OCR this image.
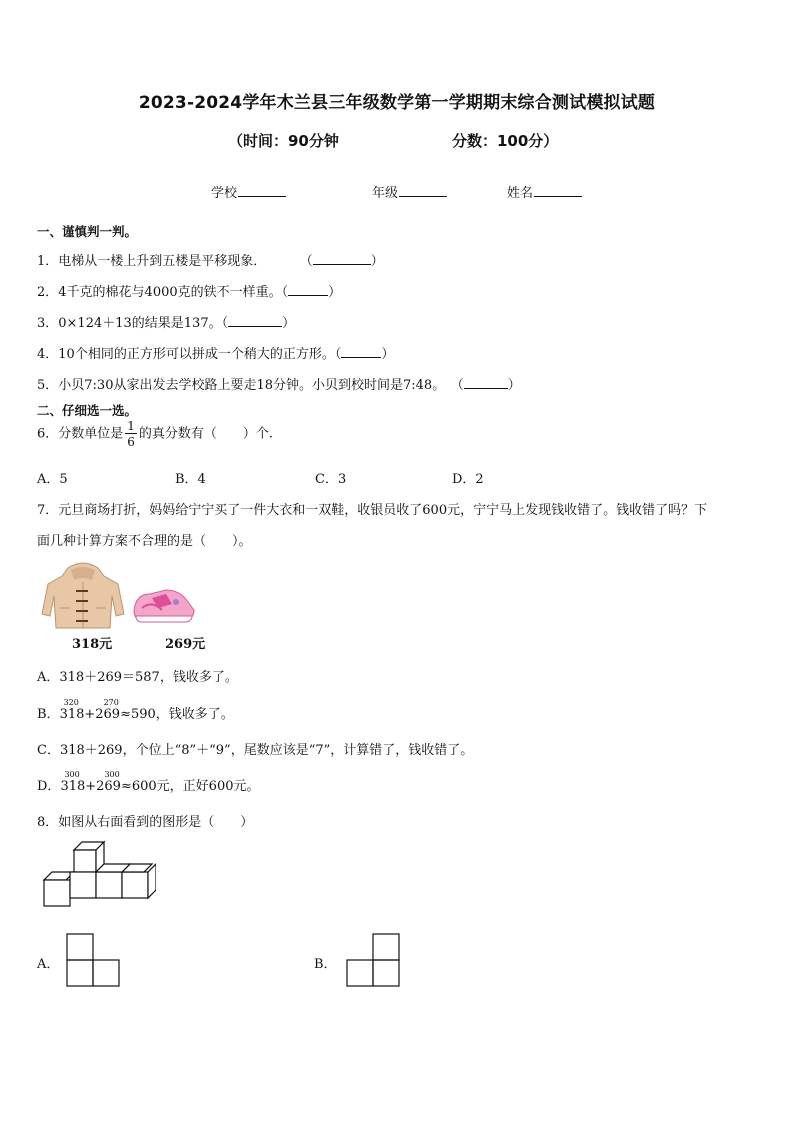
2023-2024学年木兰县三年级数学第一学期期末综合测试模拟试题
（时间：90分钟	分数：100分）
学校	年级	姓名
一、谨慎判一判。
1．电梯从一楼上升到五楼是平移现象．	（	）
2．4千克的棉花与4000克的铁不一样重。（	）
3．0×124＋13的结果是137。（	）
4．10个相同的正方形可以拼成一个稍大的正方形。（	）
5．小贝7:30从家出发去学校路上要走18分钟。小贝到校时间是7:48。 （	）
二、仔细选一选。
6．分数单位是 $\frac{1}{6}$ 的真分数有（　　）个.
A．5	B．4	C．3	D．2
7．元旦商场打折，妈妈给宁宁买了一件大衣和一双鞋，收银员收了600元，宁宁马上发现钱收错了。钱收错了吗？下
面几种计算方案不合理的是（　　）。
318元	269元
A．318＋269＝587，钱收多了。
B．
320	270
318+269≈590，钱收多了。
C．318＋269，个位上“8”＋“9”，尾数应该是“7”，计算错了，钱收错了。
D．
300	300
318+269≈600元，正好600元。
8．如图从右面看到的图形是（　　）
A．	B．
